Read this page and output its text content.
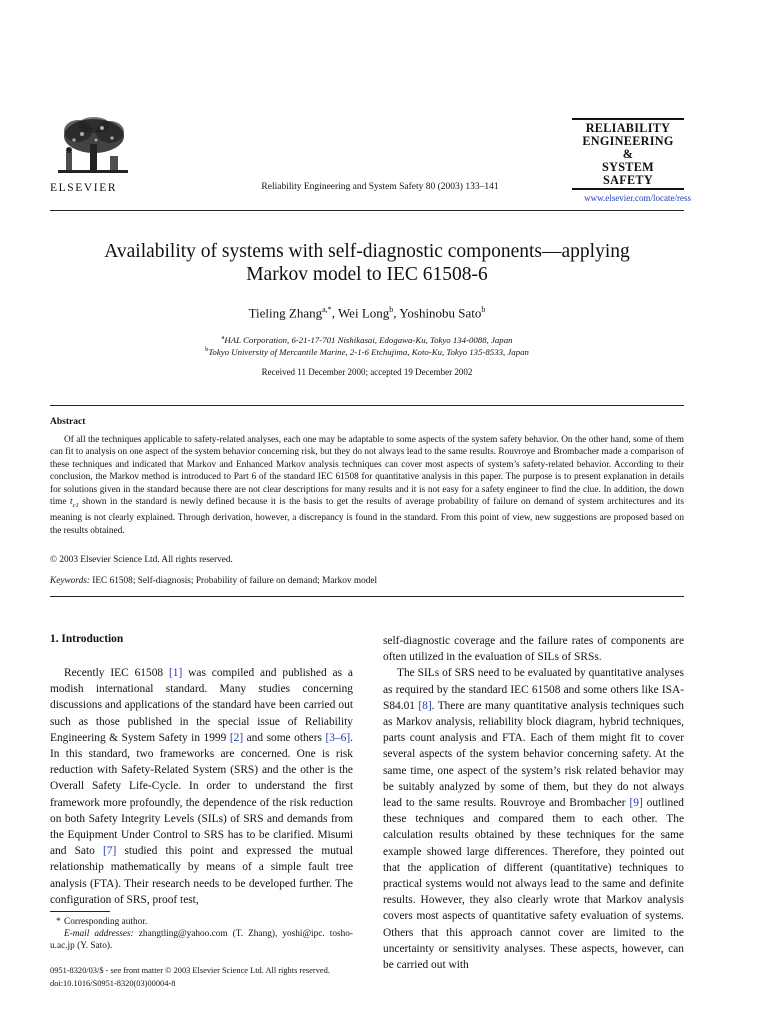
ELSEVIER	Reliability Engineering and System Safety 80 (2003) 133–141
RELIABILITY
ENGINEERING
&
SYSTEM
SAFETY
www.elsevier.com/locate/ress
Availability of systems with self-diagnostic components—applying
Markov model to IEC 61508-6
Tieling Zhang$^{a,*}$, Wei Long$^b$, Yoshinobu Sato$^b$
$^a$HAL Corporation, 6-21-17-701 Nishikasai, Edogawa-Ku, Tokyo 134-0088, Japan
$^b$Tokyo University of Mercantile Marine, 2-1-6 Etchujima, Koto-Ku, Tokyo 135-8533, Japan
Received 11 December 2000; accepted 19 December 2002
Abstract

Of all the techniques applicable to safety-related analyses, each one may be adaptable to some aspects of the system safety behavior. On the other hand, some of them can fit to analysis on one aspect of the system behavior concerning risk, but they do not always lead to the same results. Rouvroye and Brombacher made a comparison of these techniques and indicated that Markov and Enhanced Markov analysis techniques can cover most aspects of system’s safety-related behavior. According to their conclusion, the Markov method is introduced to Part 6 of the standard IEC 61508 for quantitative analysis in this paper. The purpose is to present explanation in details for solutions given in the standard because there are not clear descriptions for many results and it is not easy for a safety engineer to find the clue. In addition, the down time $t_{c1}$ shown in the standard is newly defined because it is the basis to get the results of average probability of failure on demand of system architectures and its meaning is not clearly explained. Through derivation, however, a discrepancy is found in the standard. From this point of view, new suggestions are proposed based on the results obtained.

© 2003 Elsevier Science Ltd. All rights reserved.
Keywords: IEC 61508; Self-diagnosis; Probability of failure on demand; Markov model
1. Introduction

Recently IEC 61508 [1] was compiled and published as a modish international standard. Many studies concerning discussions and applications of the standard have been carried out such as those published in the special issue of Reliability Engineering & System Safety in 1999 [2] and some others [3–6]. In this standard, two frameworks are concerned. One is risk reduction with Safety-Related System (SRS) and the other is the Overall Safety Life-Cycle. In order to understand the first framework more profoundly, the dependence of the risk reduction on both Safety Integrity Levels (SILs) of SRS and demands from the Equipment Under Control to SRS has to be clarified. Misumi and Sato [7] studied this point and expressed the mutual relationship mathematically by means of a simple fault tree analysis (FTA). Their research needs to be developed further. The configuration of SRS, proof test,

* Corresponding author.
E-mail addresses: zhangtling@yahoo.com (T. Zhang), yoshi@ipc. tosho-u.ac.jp (Y. Sato).

self-diagnostic coverage and the failure rates of components are often utilized in the evaluation of SILs of SRSs.

The SILs of SRS need to be evaluated by quantitative analyses as required by the standard IEC 61508 and some others like ISA-S84.01 [8]. There are many quantitative analysis techniques such as Markov analysis, reliability block diagram, hybrid techniques, parts count analysis and FTA. Each of them might fit to cover several aspects of the system behavior concerning safety. At the same time, one aspect of the system’s risk related behavior may be suitably analyzed by some of them, but they do not always lead to the same results. Rouvroye and Brombacher [9] outlined these techniques and compared them to each other. The calculation results obtained by these techniques for the same example showed large differences. Therefore, they pointed out that the application of different (quantitative) techniques to practical systems would not always lead to the same and definite results. However, they also clearly wrote that Markov analysis covers most aspects of quantitative safety evaluation of systems. Others that this approach cannot cover are limited to the uncertainty or sensitivity analyses. These aspects, however, can be carried out with

0951-8320/03/$ - see front matter © 2003 Elsevier Science Ltd. All rights reserved.
doi:10.1016/S0951-8320(03)00004-8
